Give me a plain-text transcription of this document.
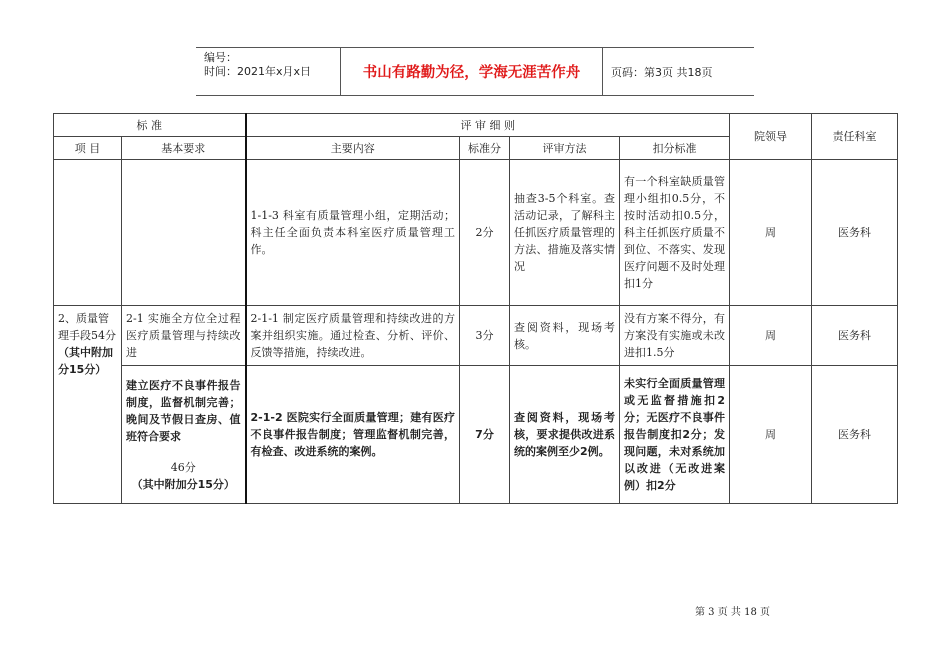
编号：
时间：2021年x月x日	书山有路勤为径，学海无涯苦作舟	页码：第3页 共18页
标 准		评 审 细 则				院领导	责任科室
项 目	基本要求	主要内容	标准分	评审方法	扣分标准		
		1-1-3 科室有质量管理小组，定期活动；科主任全面负责本科室医疗质量管理工作。	2分	抽查3-5个科室。查活动记录，了解科主任抓医疗质量管理的方法、措施及落实情况	有一个科室缺质量管理小组扣0.5分，不按时活动扣0.5分，科主任抓医疗质量不到位、不落实、发现医疗问题不及时处理扣1分	周	医务科

2、质量管理手段54分
（其中附加分15分）	2-1 实施全方位全过程医疗质量管理与持续改进	2-1-1 制定医疗质量管理和持续改进的方案并组织实施。通过检查、分析、评价、反馈等措施，持续改进。	3分	查阅资料，现场考核。	没有方案不得分，有方案没有实施或未改进扣1.5分	周	医务科

	建立医疗不良事件报告制度，监督机制完善；晚间及节假日查房、值班符合要求
46分
（其中附加分15分）	2-1-2 医院实行全面质量管理；建有医疗不良事件报告制度；管理监督机制完善，有检查、改进系统的案例。	7分	查阅资料，现场考核，要求提供改进系统的案例至少2例。	未实行全面质量管理或无监督措施扣2分；无医疗不良事件报告制度扣2分；发现问题，未对系统加以改进（无改进案例）扣2分	周	医务科
第 3 页 共 18 页
